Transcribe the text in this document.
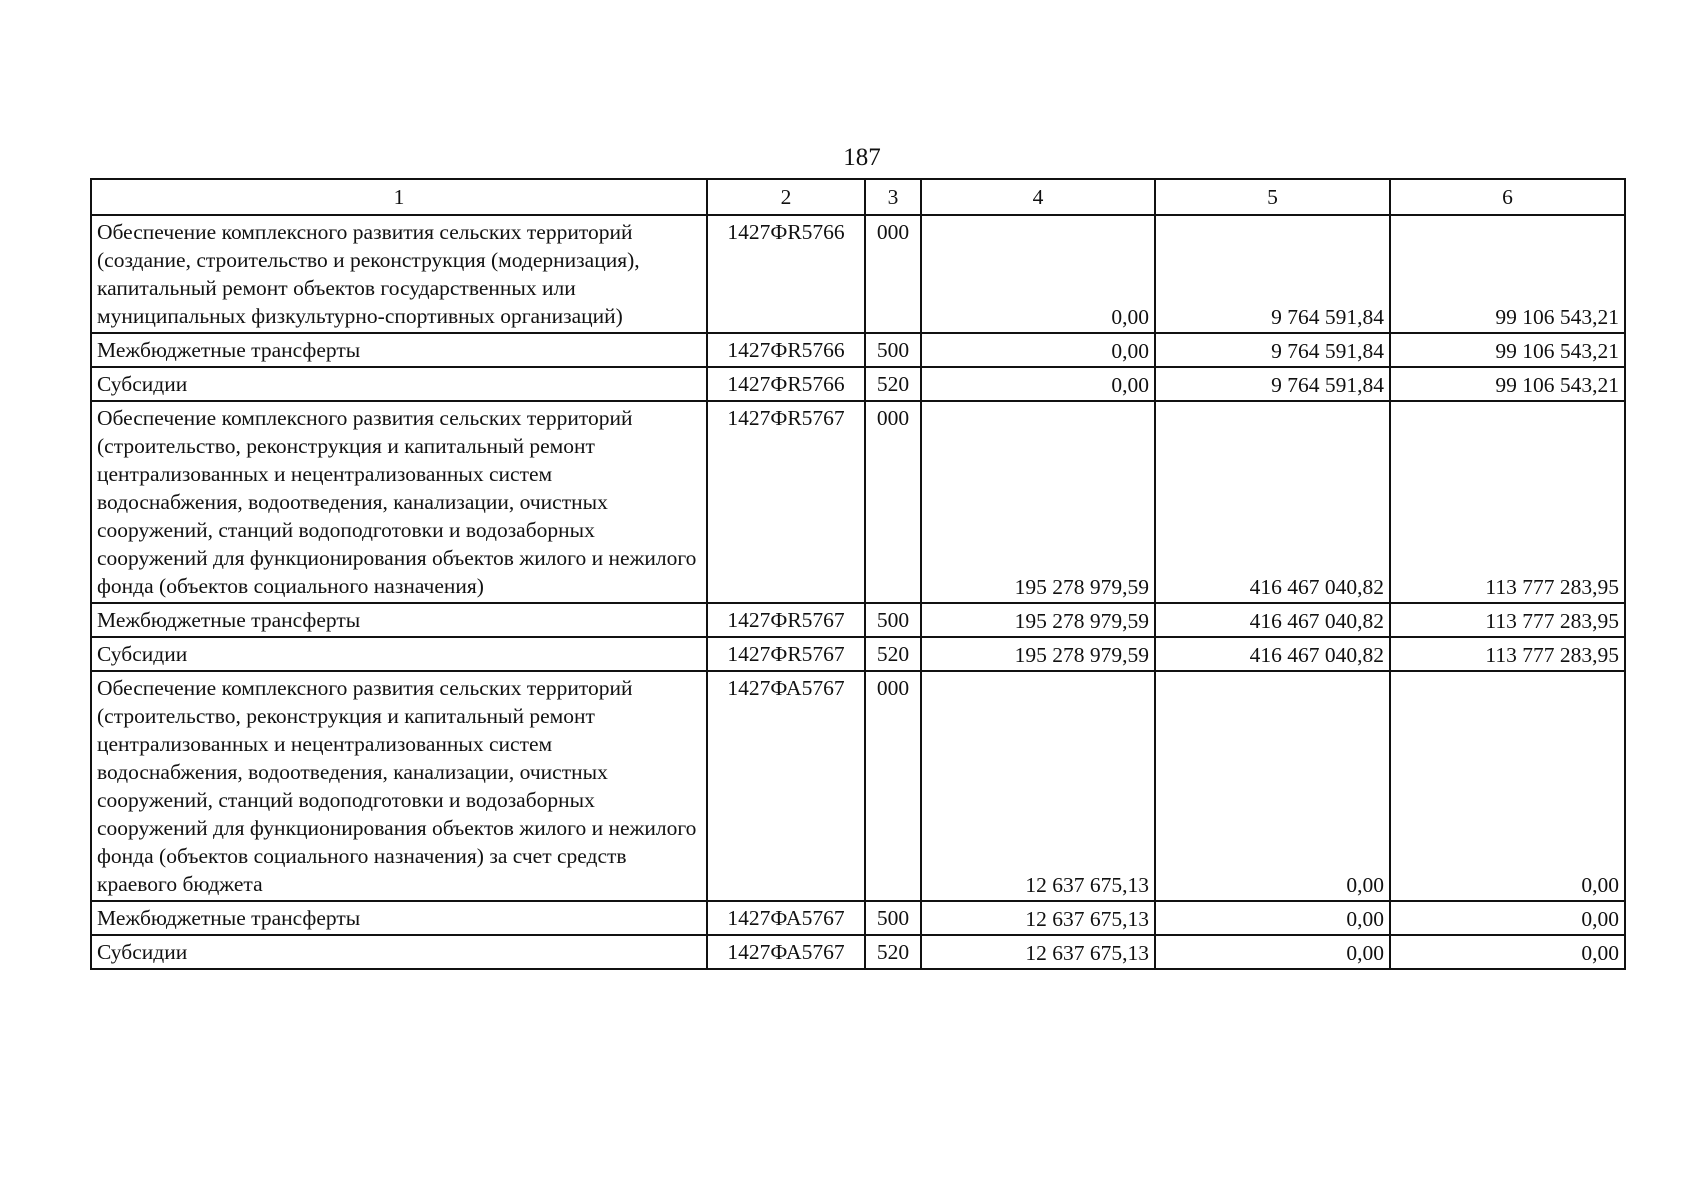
187
1	2	3	4	5	6
Обеспечение комплексного развития сельских территорий (создание, строительство и реконструкция (модернизация), капитальный ремонт объектов государственных или муниципальных физкультурно-спортивных организаций)	1427ФR5766	000	0,00	9 764 591,84	99 106 543,21
Межбюджетные трансферты	1427ФR5766	500	0,00	9 764 591,84	99 106 543,21
Субсидии	1427ФR5766	520	0,00	9 764 591,84	99 106 543,21
Обеспечение комплексного развития сельских территорий (строительство, реконструкция и капитальный ремонт централизованных и нецентрализованных систем водоснабжения, водоотведения, канализации, очистных сооружений, станций водоподготовки и водозаборных сооружений для функционирования объектов жилого и нежилого фонда (объектов социального назначения)	1427ФR5767	000	195 278 979,59	416 467 040,82	113 777 283,95
Межбюджетные трансферты	1427ФR5767	500	195 278 979,59	416 467 040,82	113 777 283,95
Субсидии	1427ФR5767	520	195 278 979,59	416 467 040,82	113 777 283,95
Обеспечение комплексного развития сельских территорий (строительство, реконструкция и капитальный ремонт централизованных и нецентрализованных систем водоснабжения, водоотведения, канализации, очистных сооружений, станций водоподготовки и водозаборных сооружений для функционирования объектов жилого и нежилого фонда (объектов социального назначения) за счет средств краевого бюджета	1427ФА5767	000	12 637 675,13	0,00	0,00
Межбюджетные трансферты	1427ФА5767	500	12 637 675,13	0,00	0,00
Субсидии	1427ФА5767	520	12 637 675,13	0,00	0,00
